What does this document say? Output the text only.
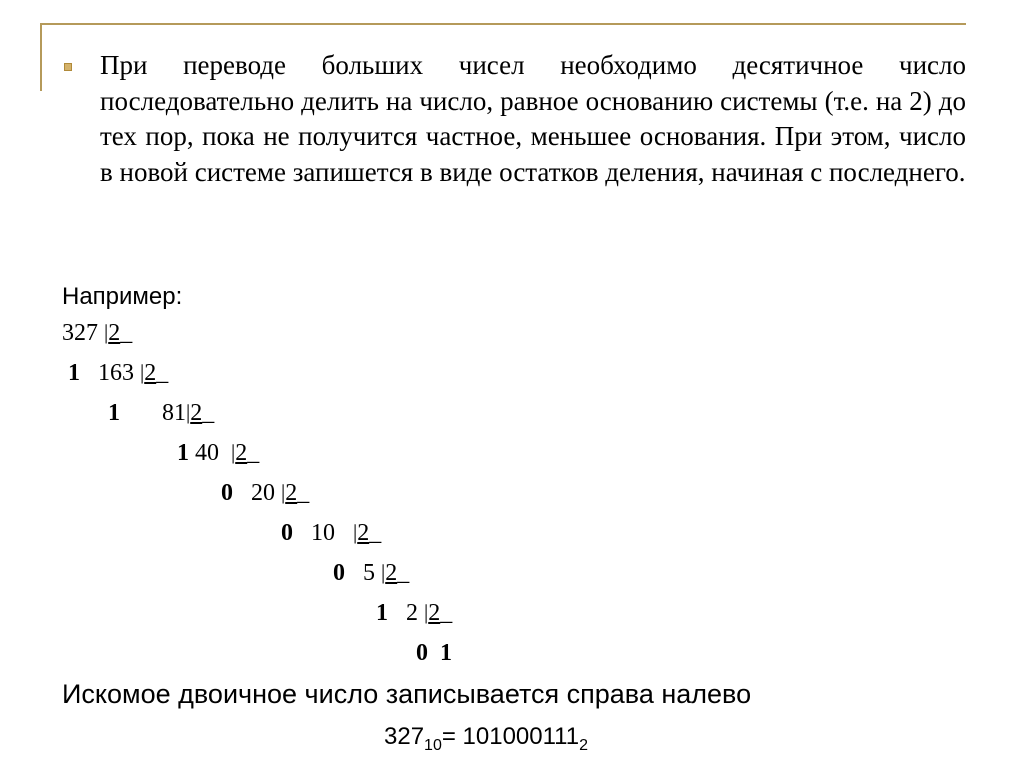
При переводе больших чисел необходимо десятичное число последовательно делить на число, равное основанию системы (т.е. на 2) до тех пор, пока не получится частное, меньшее основания. При этом, число в новой системе запишется в виде остатков деления, начиная с последнего.
Например:
327 |2_
1 163 |2_
1 81|2_
1 40 |2_
0 20 |2_
0 10 |2_
0 5 |2_
1 2 |2_
0 1
Искомое двоичное число записывается справа налево
$327_{10}= 101000111_2$
